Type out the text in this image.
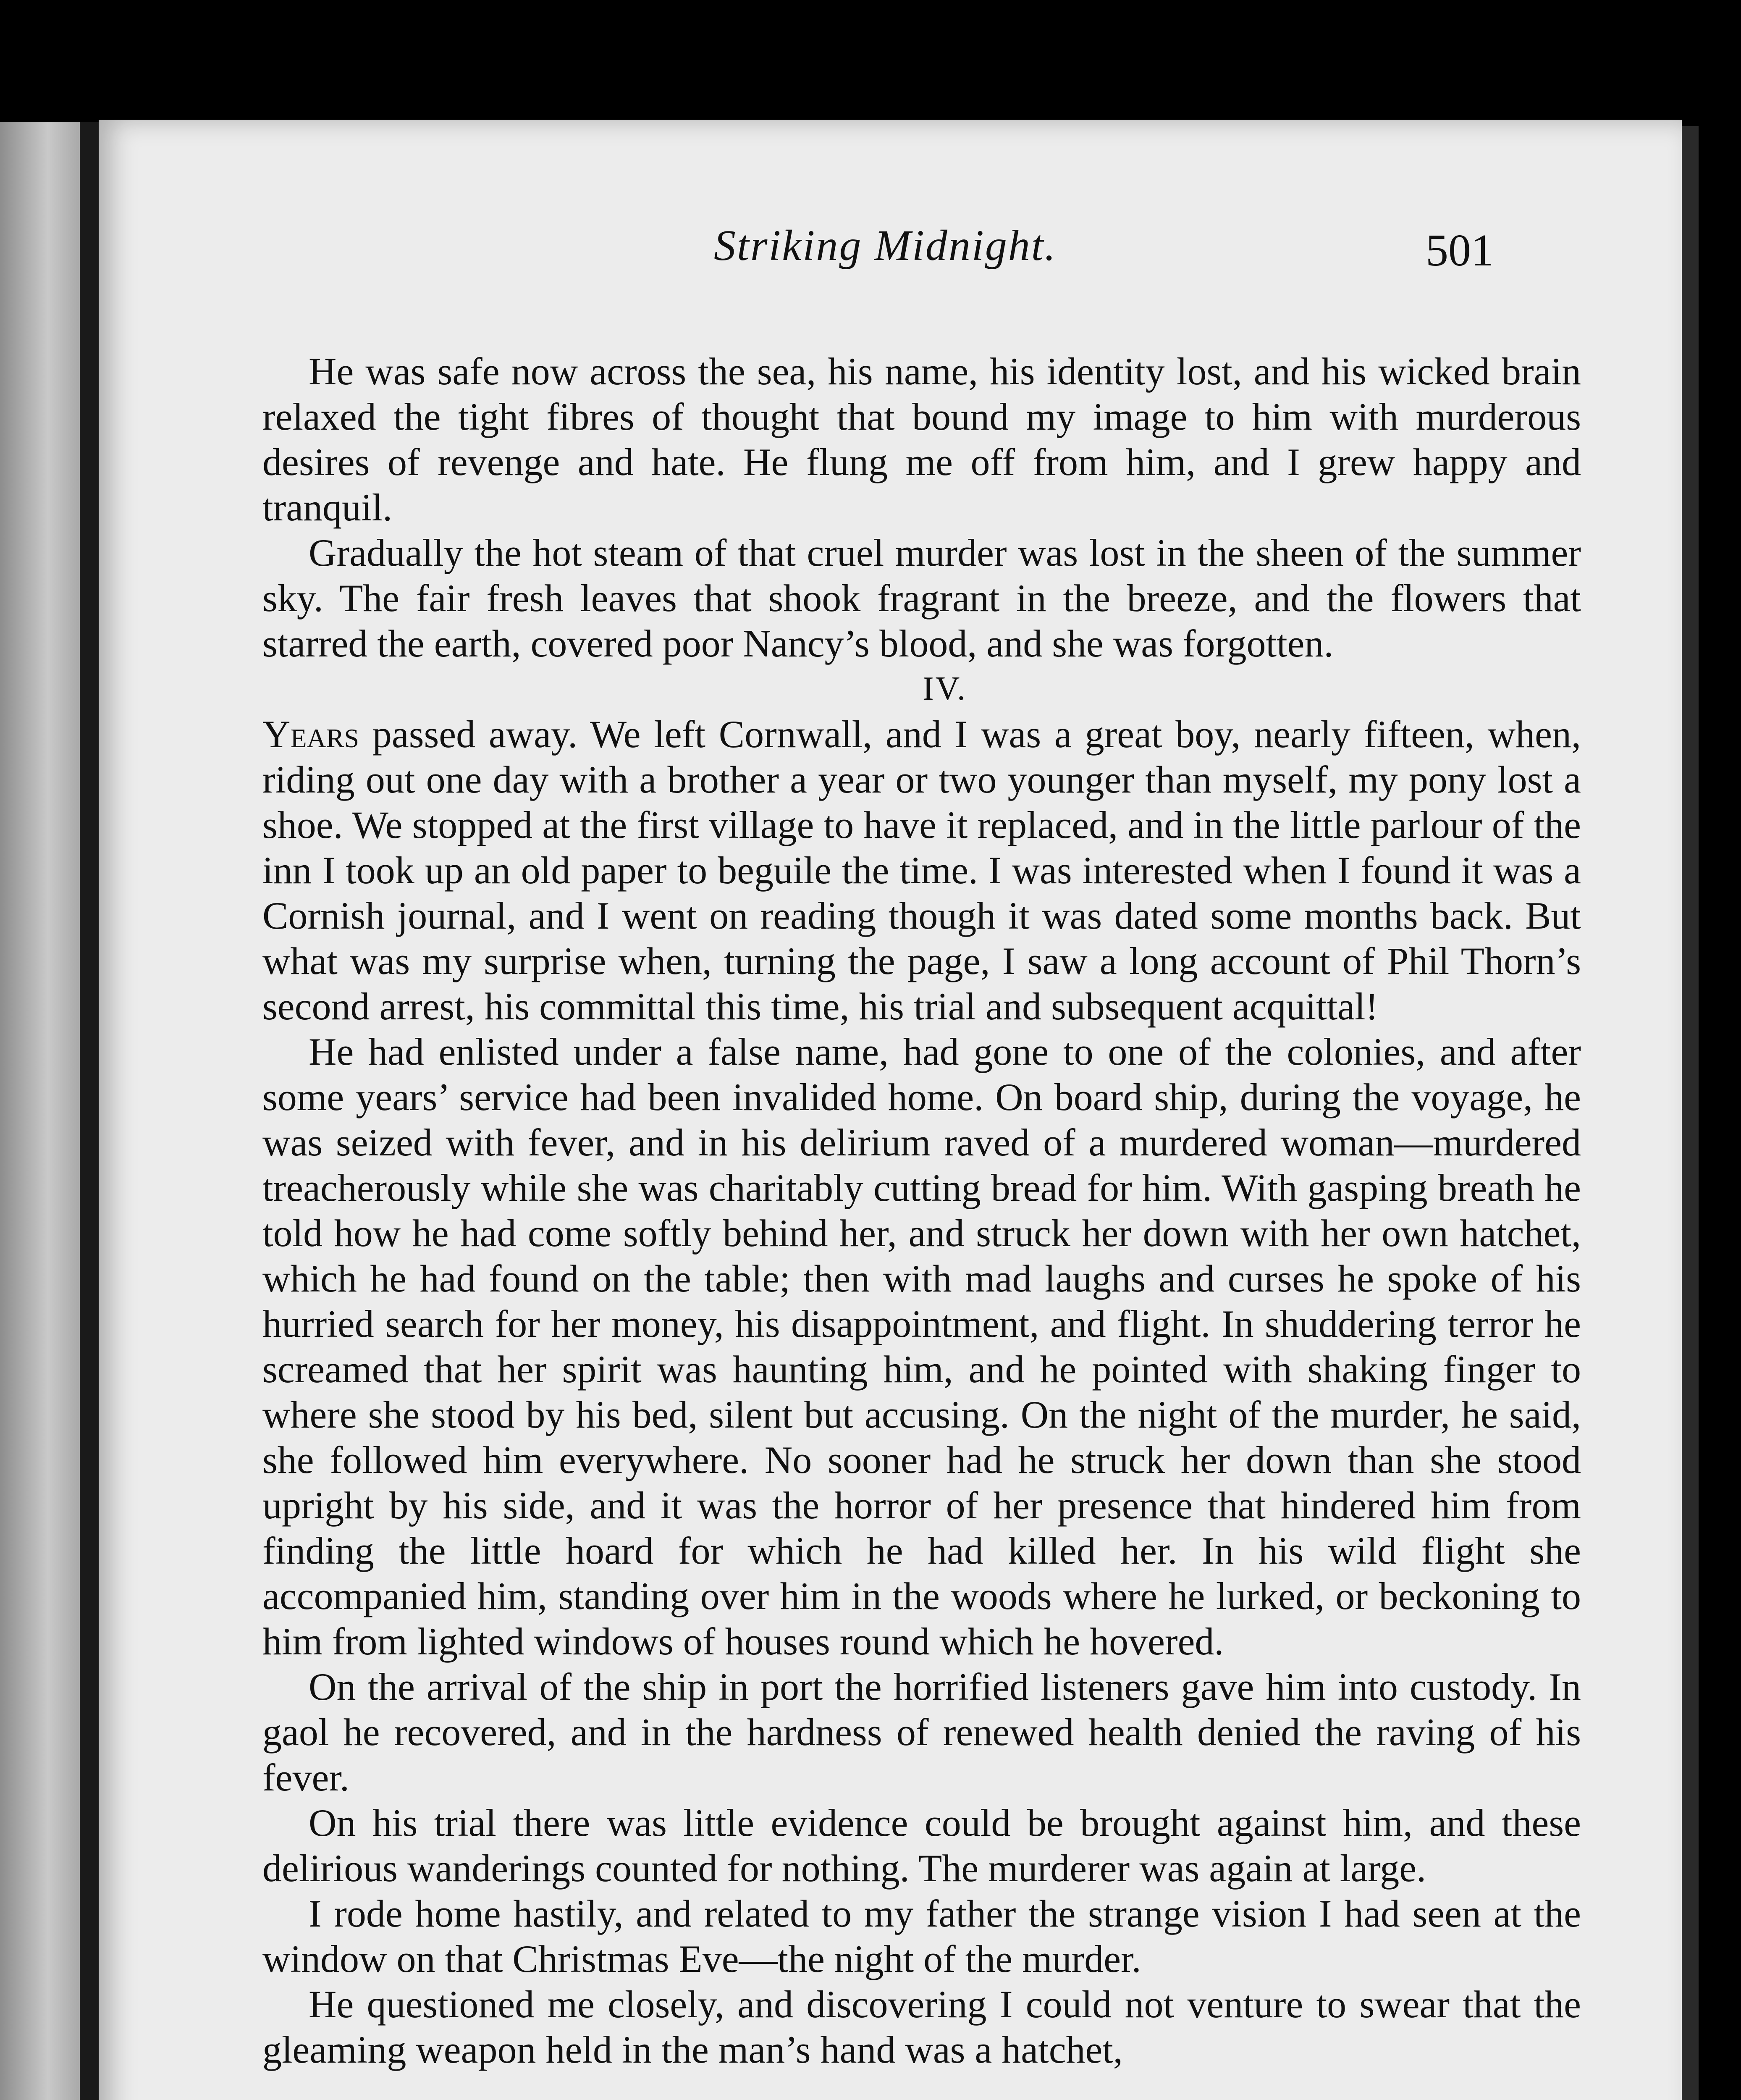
Striking Midnight.	501

He was safe now across the sea, his name, his identity lost, and his wicked brain relaxed the tight fibres of thought that bound my image to him with murderous desires of revenge and hate. He flung me off from him, and I grew happy and tranquil.

Gradually the hot steam of that cruel murder was lost in the sheen of the summer sky. The fair fresh leaves that shook fragrant in the breeze, and the flowers that starred the earth, covered poor Nancy’s blood, and she was forgotten.

IV.

Years passed away. We left Cornwall, and I was a great boy, nearly fifteen, when, riding out one day with a brother a year or two younger than myself, my pony lost a shoe. We stopped at the first village to have it replaced, and in the little parlour of the inn I took up an old paper to beguile the time. I was interested when I found it was a Cornish journal, and I went on reading though it was dated some months back. But what was my surprise when, turning the page, I saw a long account of Phil Thorn’s second arrest, his committal this time, his trial and subsequent acquittal!

He had enlisted under a false name, had gone to one of the colonies, and after some years’ service had been invalided home. On board ship, during the voyage, he was seized with fever, and in his delirium raved of a murdered woman—murdered treacherously while she was charitably cutting bread for him. With gasping breath he told how he had come softly behind her, and struck her down with her own hatchet, which he had found on the table; then with mad laughs and curses he spoke of his hurried search for her money, his disappointment, and flight. In shuddering terror he screamed that her spirit was haunting him, and he pointed with shaking finger to where she stood by his bed, silent but accusing. On the night of the murder, he said, she followed him everywhere. No sooner had he struck her down than she stood upright by his side, and it was the horror of her presence that hindered him from finding the little hoard for which he had killed her. In his wild flight she accompanied him, standing over him in the woods where he lurked, or beckoning to him from lighted windows of houses round which he hovered.

On the arrival of the ship in port the horrified listeners gave him into custody. In gaol he recovered, and in the hardness of renewed health denied the raving of his fever.

On his trial there was little evidence could be brought against him, and these delirious wanderings counted for nothing. The murderer was again at large.

I rode home hastily, and related to my father the strange vision I had seen at the window on that Christmas Eve—the night of the murder.

He questioned me closely, and discovering I could not venture to swear that the gleaming weapon held in the man’s hand was a hatchet,
